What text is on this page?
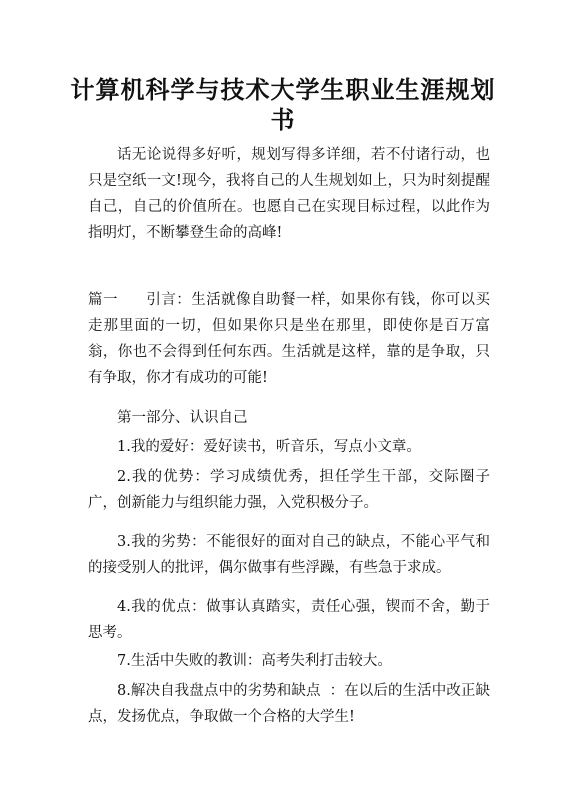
计算机科学与技术大学生职业生涯规划
书

话无论说得多好听，规划写得多详细，若不付诸行动，也只是空纸一文!现今，我将自己的人生规划如上，只为时刻提醒自己，自己的价值所在。也愿自己在实现目标过程，以此作为指明灯，不断攀登生命的高峰!

篇一 引言：生活就像自助餐一样，如果你有钱，你可以买走那里面的一切，但如果你只是坐在那里，即使你是百万富翁，你也不会得到任何东西。生活就是这样，靠的是争取，只有争取，你才有成功的可能!

第一部分、认识自己

1.我的爱好：爱好读书，听音乐，写点小文章。

2.我的优势：学习成绩优秀，担任学生干部，交际圈子广，创新能力与组织能力强，入党积极分子。

3.我的劣势：不能很好的面对自己的缺点，不能心平气和的接受别人的批评，偶尔做事有些浮躁，有些急于求成。

4.我的优点：做事认真踏实，责任心强，锲而不舍，勤于思考。

7.生活中失败的教训：高考失利打击较大。

8.解决自我盘点中的劣势和缺点 ：在以后的生活中改正缺点，发扬优点，争取做一个合格的大学生!
